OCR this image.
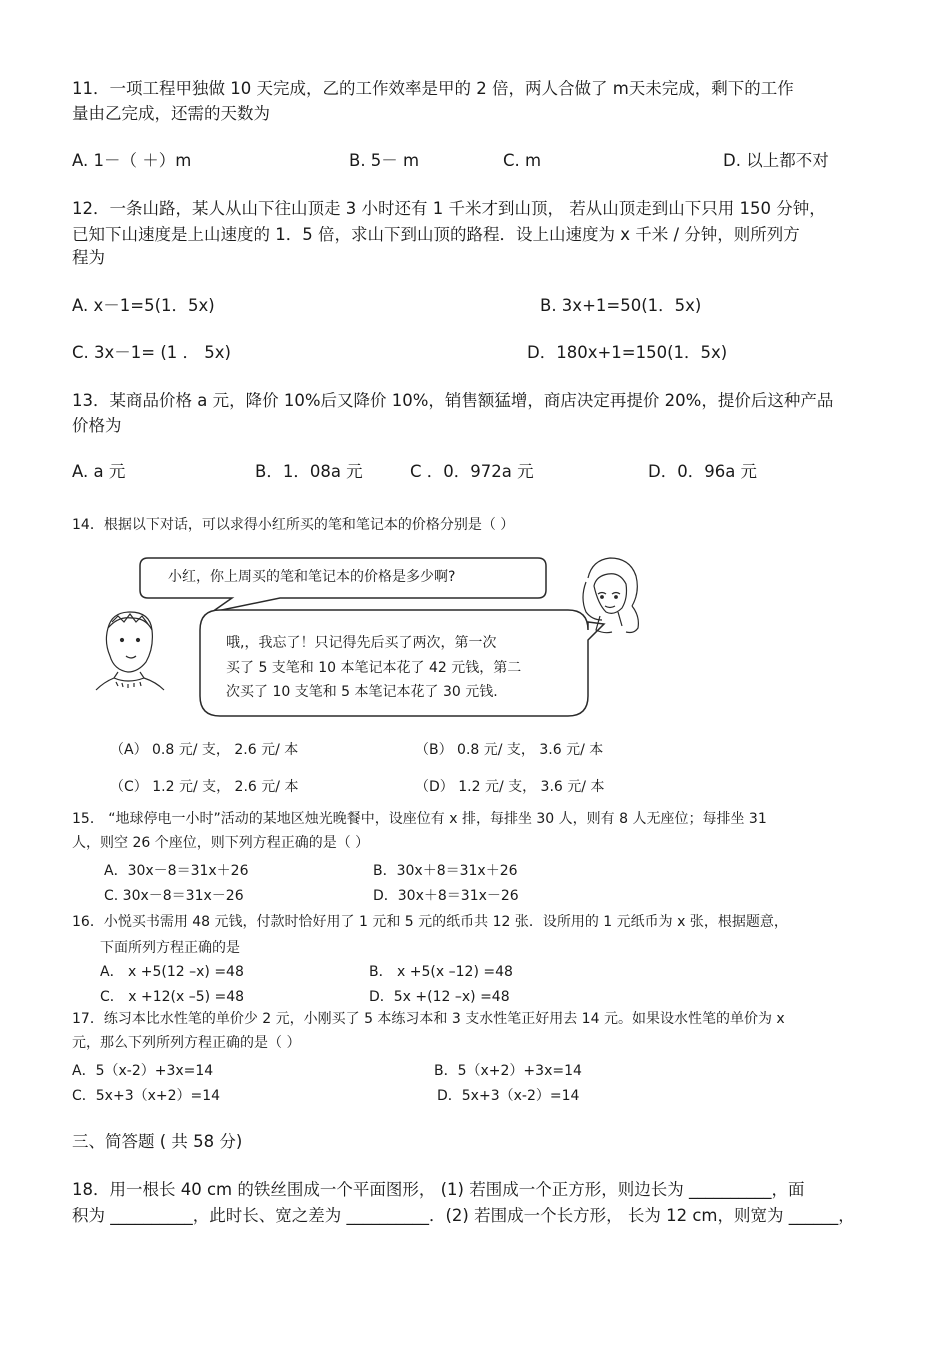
11．一项工程甲独做 10 天完成，乙的工作效率是甲的 2 倍，两人合做了 m天未完成，剩下的工作
量由乙完成，还需的天数为
A. 1－（ ＋）m	B. 5－ m	C. m	D. 以上都不对
12．一条山路，某人从山下往山顶走 3 小时还有 1 千米才到山顶， 若从山顶走到山下只用 150 分钟，
已知下山速度是上山速度的 1．5 倍，求山下到山顶的路程．设上山速度为 x 千米 / 分钟，则所列方
程为
A. x－1=5(1．5x)	B. 3x+1=50(1．5x)
C. 3x－1= (1 ． 5x)	D．180x+1=150(1．5x)
13．某商品价格 a 元，降价 10%后又降价 10%，销售额猛增，商店决定再提价 20%，提价后这种产品
价格为
A. a 元	B．1．08a 元	C ．0．972a 元	D．0．96a 元
14．根据以下对话，可以求得小红所买的笔和笔记本的价格分别是（ ）
小红，你上周买的笔和笔记本的价格是多少啊?
哦,，我忘了！只记得先后买了两次，第一次
买了 5 支笔和 10 本笔记本花了 42 元钱，第二
次买了 10 支笔和 5 本笔记本花了 30 元钱.
（A） 0.8 元/ 支， 2.6 元/ 本	（B） 0.8 元/ 支， 3.6 元/ 本
（C） 1.2 元/ 支， 2.6 元/ 本	（D） 1.2 元/ 支， 3.6 元/ 本
15． “地球停电一小时”活动的某地区烛光晚餐中，设座位有 x 排，每排坐 30 人，则有 8 人无座位；每排坐 31
人，则空 26 个座位，则下列方程正确的是（ ）
A．30x－8＝31x＋26	B．30x＋8＝31x＋26
C. 30x－8＝31x－26	D．30x＋8＝31x－26
16．小悦买书需用 48 元钱，付款时恰好用了 1 元和 5 元的纸币共 12 张．设所用的 1 元纸币为 x 张，根据题意，
下面所列方程正确的是
A． x +5(12 –x) =48	B． x +5(x –12) =48
C． x +12(x –5) =48	D．5x +(12 –x) =48
17．练习本比水性笔的单价少 2 元，小刚买了 5 本练习本和 3 支水性笔正好用去 14 元。如果设水性笔的单价为 x
元，那么下列所列方程正确的是（ ）
A．5（x-2）+3x=14	B．5（x+2）+3x=14
C．5x+3（x+2）=14	D．5x+3（x-2）=14
三、简答题 ( 共 58 分)
18．用一根长 40 cm 的铁丝围成一个平面图形， (1) 若围成一个正方形，则边长为 __________，面
积为 __________，此时长、宽之差为 __________．(2) 若围成一个长方形， 长为 12 cm，则宽为 ______，
